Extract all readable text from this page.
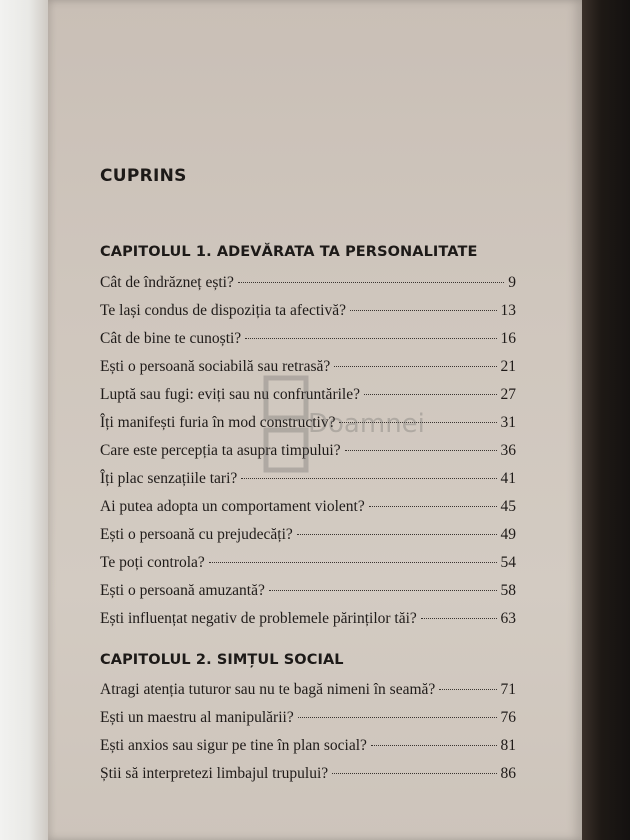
CUPRINS
CAPITOLUL 1. ADEVĂRATA TA PERSONALITATE
Cât de îndrăzneț ești?	9
Te lași condus de dispoziția ta afectivă?	13
Cât de bine te cunoști?	16
Ești o persoană sociabilă sau retrasă?	21
Luptă sau fugi: eviți sau nu confruntările?	27
Îți manifești furia în mod constructiv?	31
Care este percepția ta asupra timpului?	36
Îți plac senzațiile tari?	41
Ai putea adopta un comportament violent?	45
Ești o persoană cu prejudecăți?	49
Te poți controla?	54
Ești o persoană amuzantă?	58
Ești influențat negativ de problemele părinților tăi?	63
CAPITOLUL 2. SIMȚUL SOCIAL
Atragi atenția tuturor sau nu te bagă nimeni în seamă?	71
Ești un maestru al manipulării?	76
Ești anxios sau sigur pe tine în plan social?	81
Știi să interpretezi limbajul trupului?	86
Doamnei
